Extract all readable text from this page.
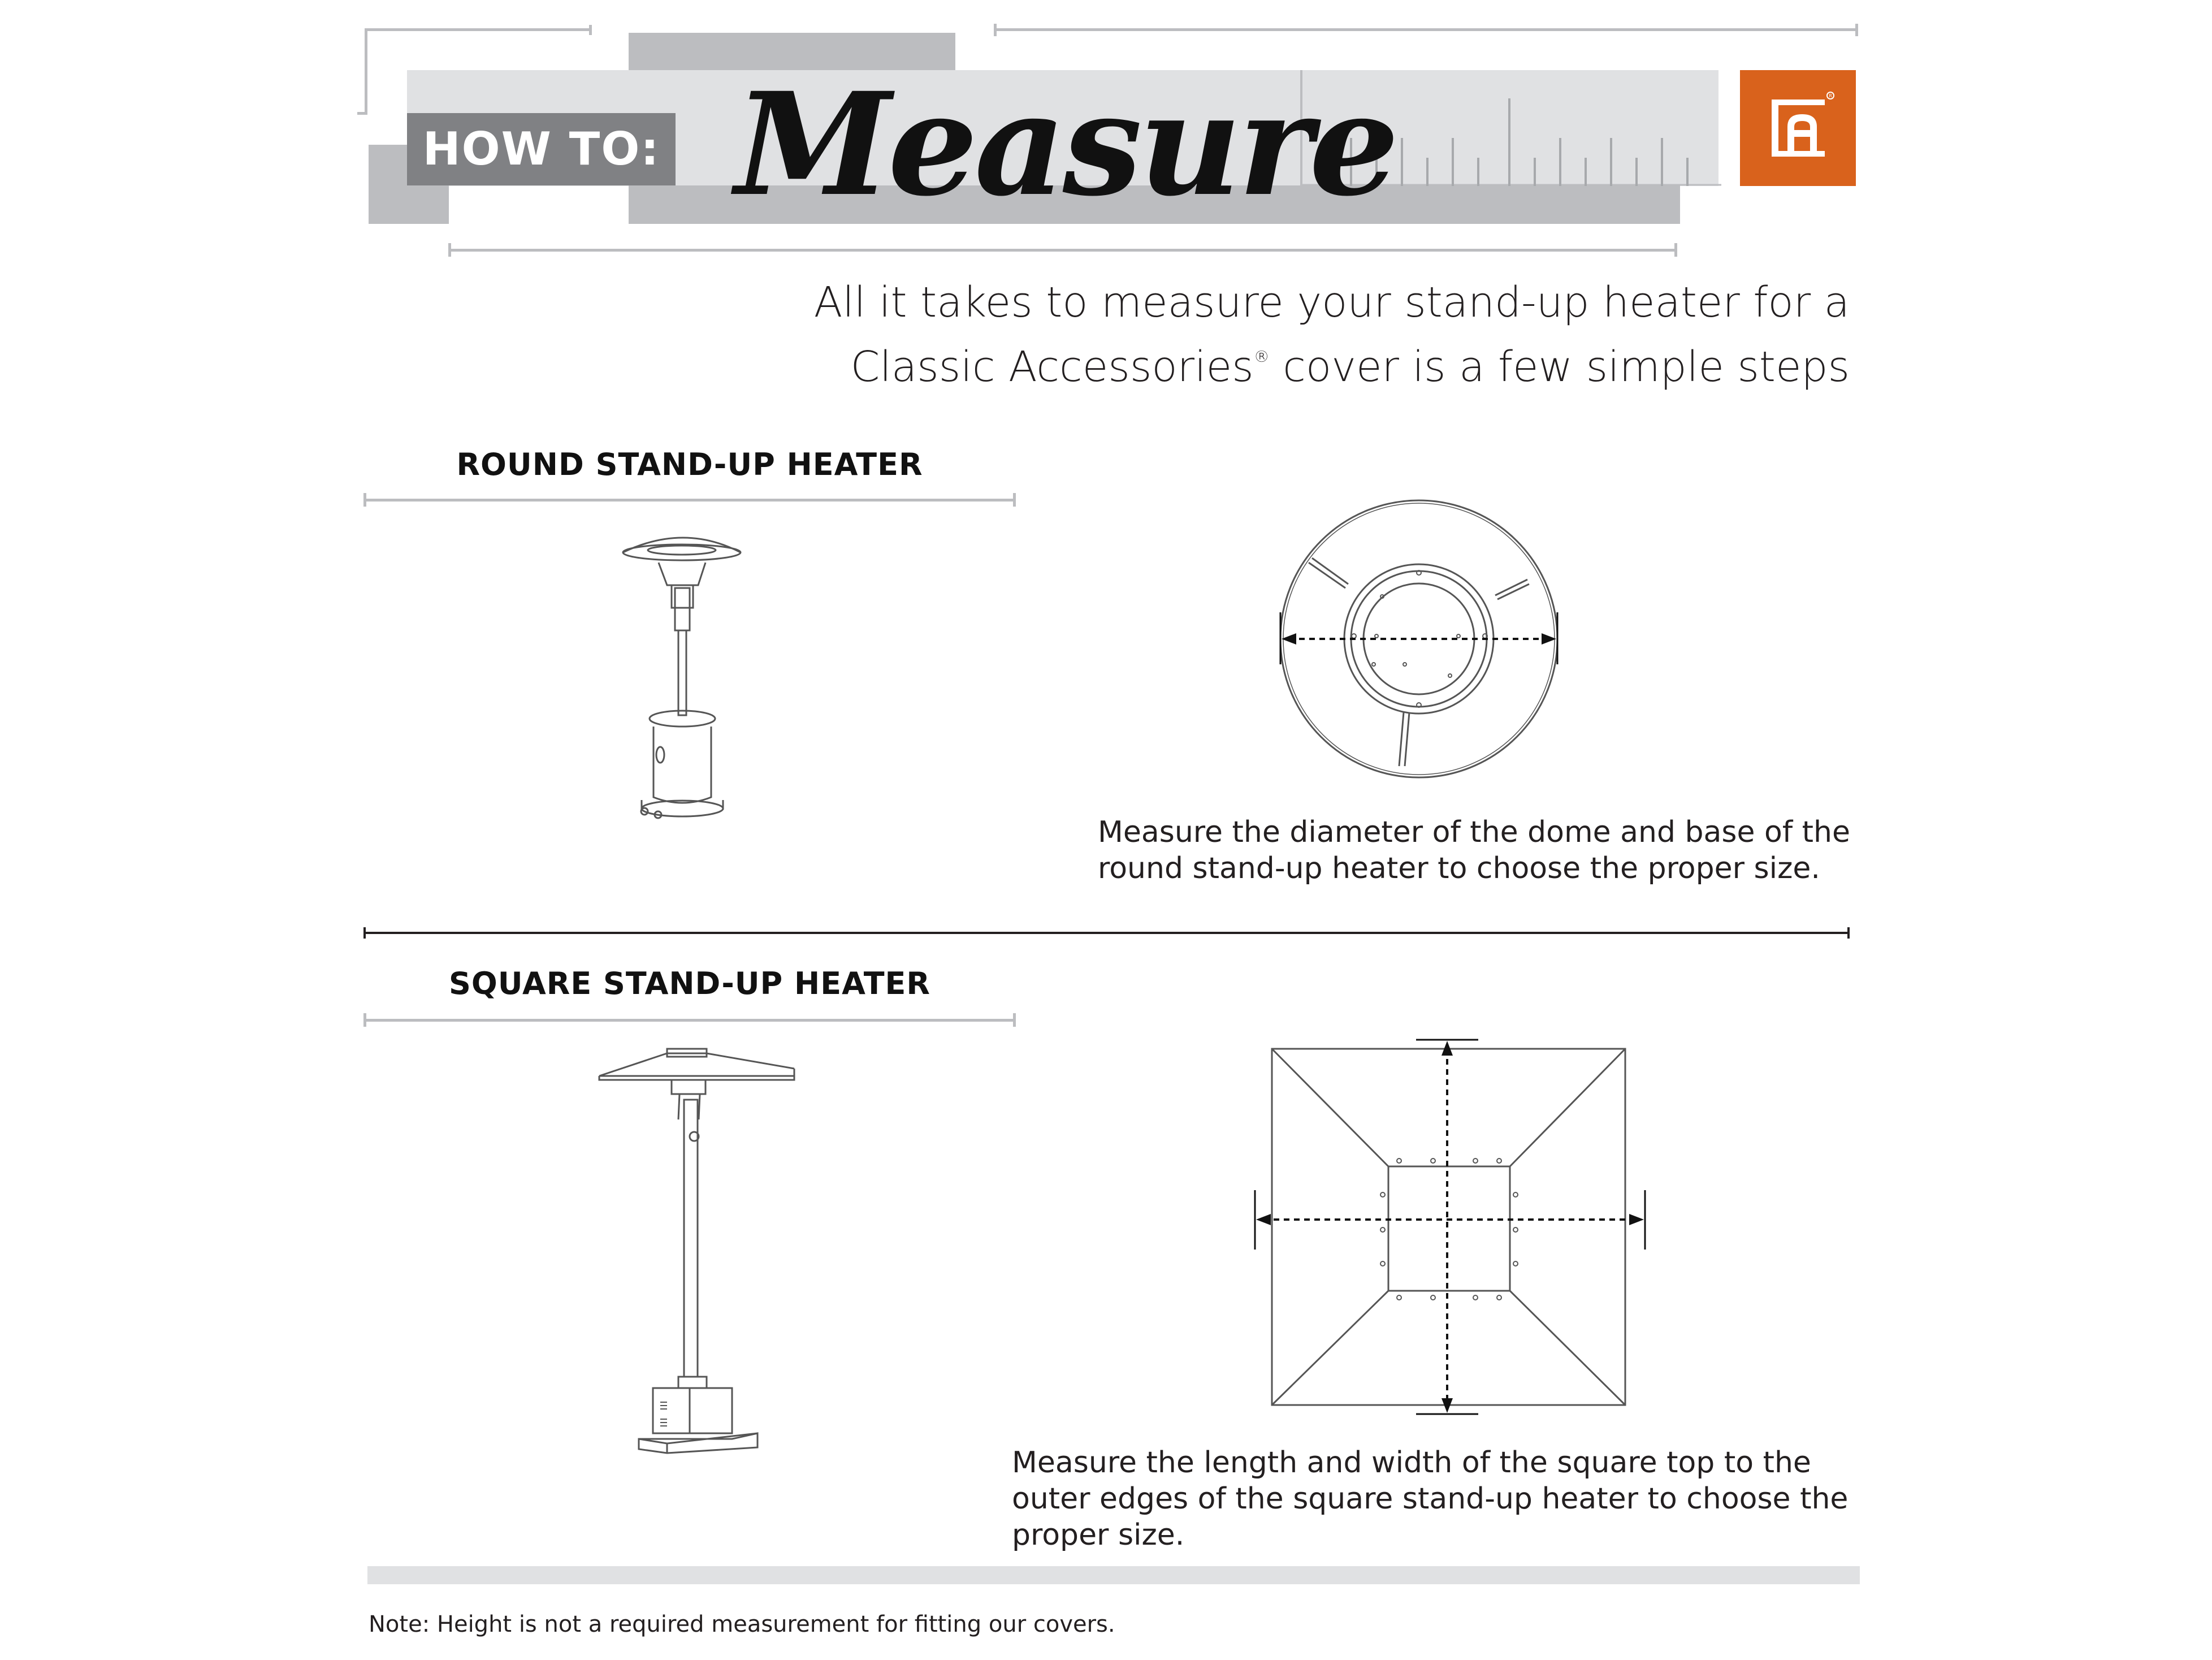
HOW TO: Measure	R
All it takes to measure your stand-up heater for a
Classic Accessories® cover is a few simple steps
ROUND STAND-UP HEATER
Measure the diameter of the dome and base of the round stand-up heater to choose the proper size.
SQUARE STAND-UP HEATER
Measure the length and width of the square top to the outer edges of the square stand-up heater to choose the proper size.
Note: Height is not a required measurement for fitting our covers.
